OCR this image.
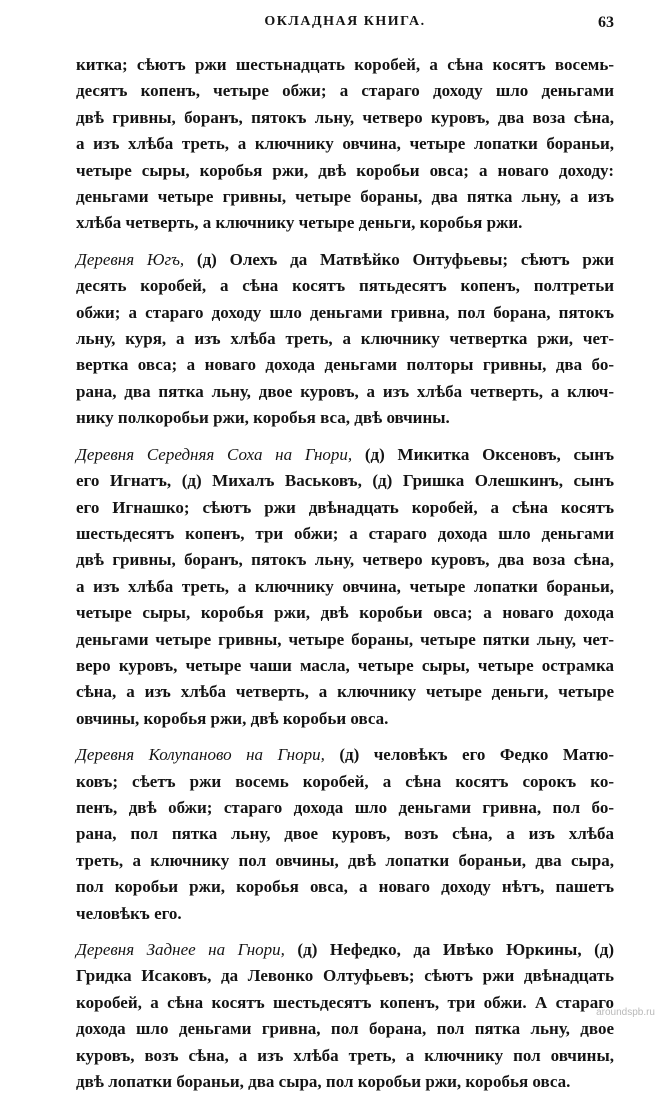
ОКЛАДНАЯ КНИГА.	63

китка; сѣютъ ржи шестьнадцать коробей, а сѣна косятъ восемь-
десятъ копенъ, четыре обжи; а стараго доходу шло деньгами
двѣ гривны, боранъ, пятокъ льну, четверо куровъ, два воза сѣна,
а изъ хлѣба треть, а ключнику овчина, четыре лопатки бораньи,
четыре сыры, коробья ржи, двѣ коробьи овса; а новаго доходу:
деньгами четыре гривны, четыре бораны, два пятка льну, а изъ
хлѣба четверть, а ключнику четыре деньги, коробья ржи.

Деревня Югъ, (д) Олехъ да Матвѣйко Онтуфьевы; сѣютъ ржи
десять коробей, а сѣна косятъ пятьдесятъ копенъ, полтретьи
обжи; а стараго доходу шло деньгами гривна, пол борана, пятокъ
льну, куря, а изъ хлѣба треть, а ключнику четвертка ржи, чет-
вертка овса; а новаго дохода деньгами полторы гривны, два бо-
рана, два пятка льну, двое куровъ, а изъ хлѣба четверть, а ключ-
нику полкоробьи ржи, коробья вса, двѣ овчины.

Деревня Середняя Соха на Гнори, (д) Микитка Оксеновъ, сынъ
его Игнатъ, (д) Михалъ Васьковъ, (д) Гришка Олешкинъ, сынъ
его Игнашко; сѣютъ ржи двѣнадцать коробей, а сѣна косятъ
шестьдесятъ копенъ, три обжи; а стараго дохода шло деньгами
двѣ гривны, боранъ, пятокъ льну, четверо куровъ, два воза сѣна,
а изъ хлѣба треть, а ключнику овчина, четыре лопатки бораньи,
четыре сыры, коробья ржи, двѣ коробьи овса; а новаго дохода
деньгами четыре гривны, четыре бораны, четыре пятки льну, чет-
веро куровъ, четыре чаши масла, четыре сыры, четыре острамка
сѣна, а изъ хлѣба четверть, а ключнику четыре деньги, четыре
овчины, коробья ржи, двѣ коробьи овса.

Деревня Колупаново на Гнори, (д) человѣкъ его Федко Матю-
ковъ; сѣетъ ржи восемь коробей, а сѣна косятъ сорокъ ко-
пенъ, двѣ обжи; стараго дохода шло деньгами гривна, пол бо-
рана, пол пятка льну, двое куровъ, возъ сѣна, а изъ хлѣба
треть, а ключнику пол овчины, двѣ лопатки бораньи, два сыра,
пол коробьи ржи, коробья овса, а новаго доходу нѣтъ, пашетъ
человѣкъ его.

Деревня Заднее на Гнори, (д) Нефедко, да Ивѣко Юркины, (д)
Гридка Исаковъ, да Левонко Олтуфьевъ; сѣютъ ржи двѣнадцать
коробей, а сѣна косятъ шестьдесятъ копенъ, три обжи. А стараго
дохода шло деньгами гривна, пол борана, пол пятка льну, двое
куровъ, возъ сѣна, а изъ хлѣба треть, а ключнику пол овчины,
двѣ лопатки бораньи, два сыра, пол коробьи ржи, коробья овса.

aroundspb.ru
